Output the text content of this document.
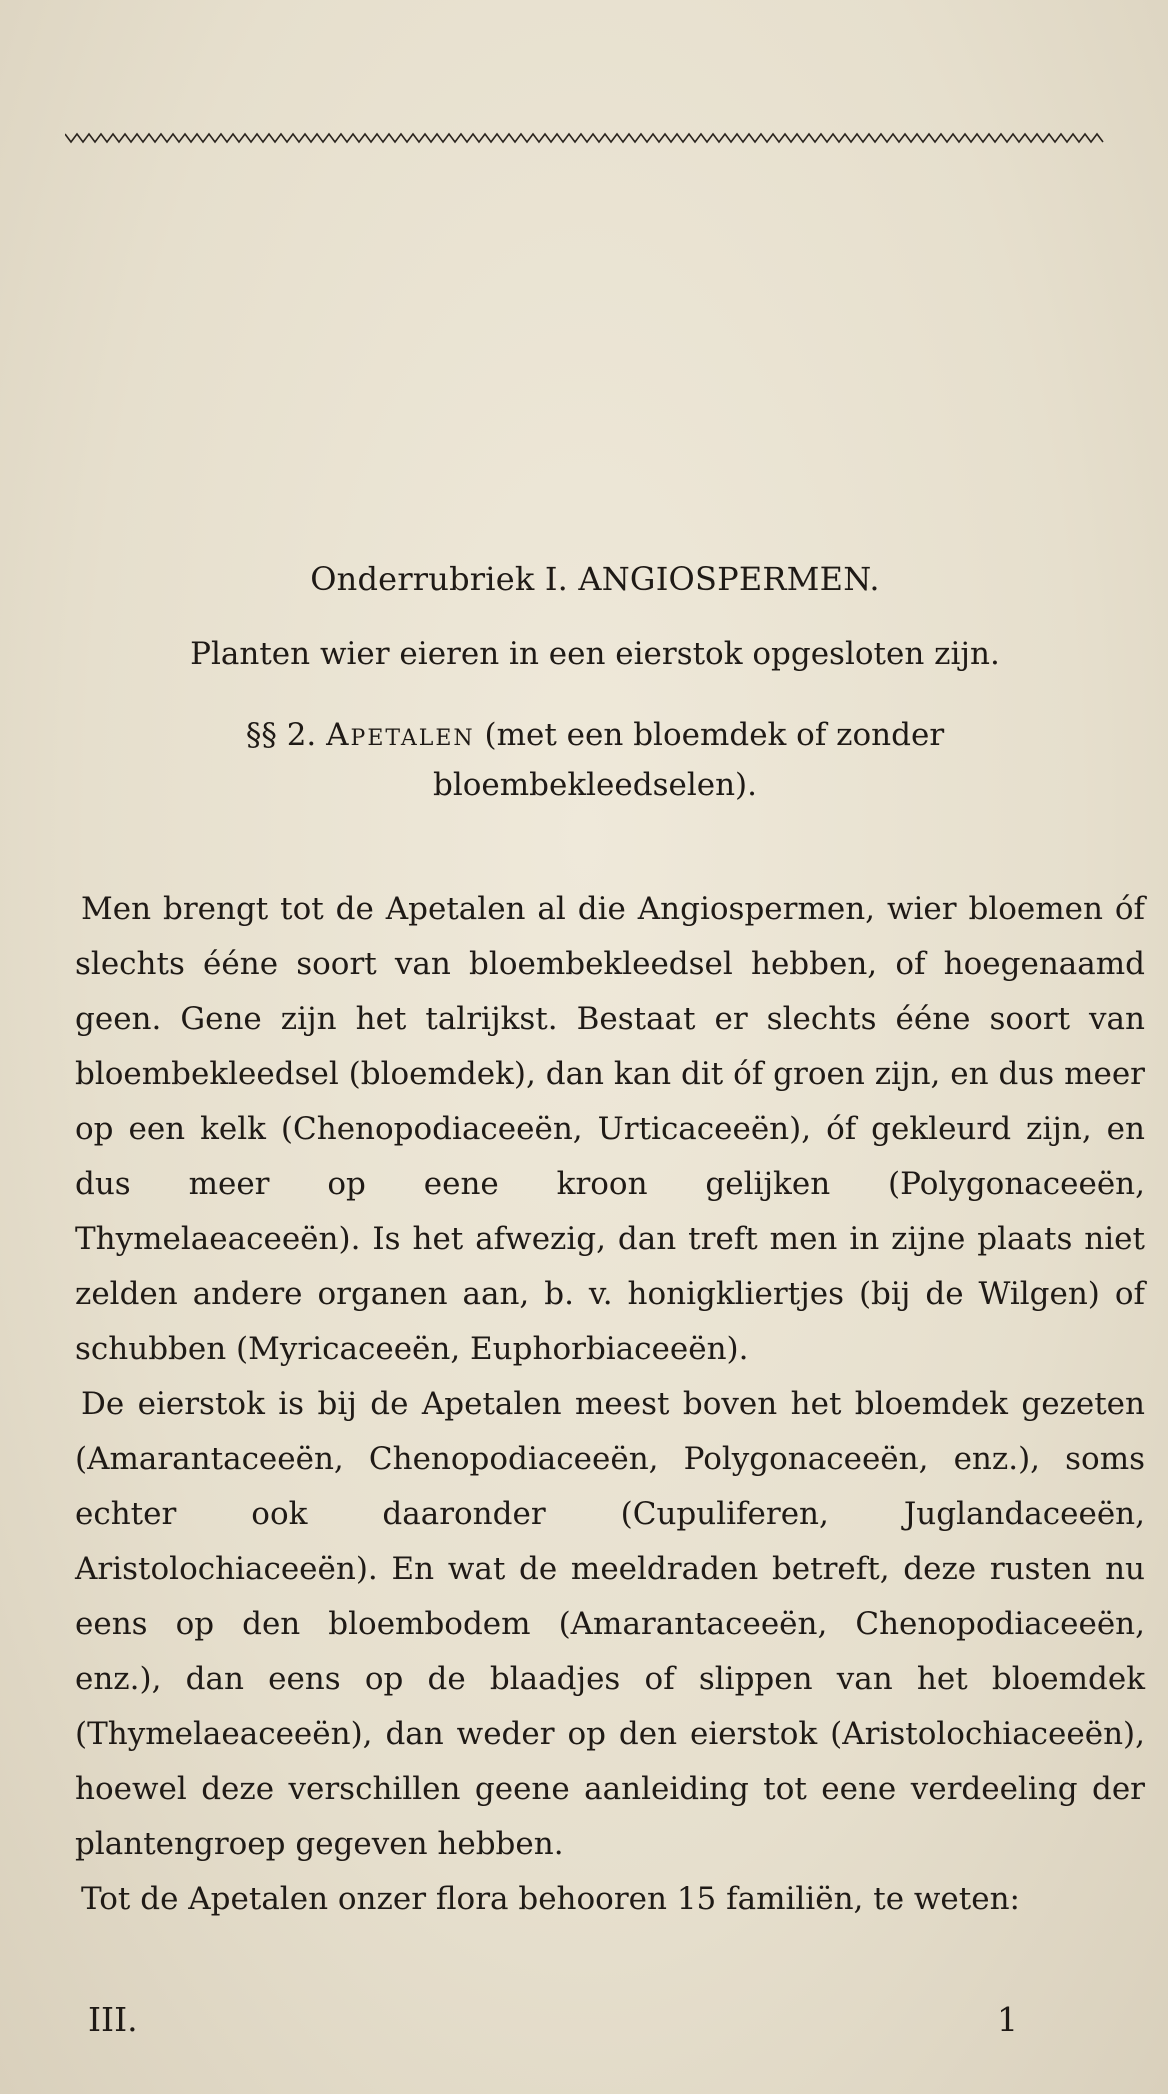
Onderrubriek I. ANGIOSPERMEN.
Planten wier eieren in een eierstok opgesloten zijn.
§§ 2. Apetalen (met een bloemdek of zonder
bloembekleedselen).

Men brengt tot de Apetalen al die Angiospermen, wier bloemen óf slechts ééne soort van bloembekleedsel hebben, of hoegenaamd geen. Gene zijn het talrijkst. Bestaat er slechts ééne soort van bloembekleedsel (bloemdek), dan kan dit óf groen zijn, en dus meer op een kelk (Chenopodiaceeën, Urticaceeën), óf gekleurd zijn, en dus meer op eene kroon gelijken (Polygonaceeën, Thymelaeaceeën). Is het afwezig, dan treft men in zijne plaats niet zelden andere organen aan, b. v. honigkliertjes (bij de Wilgen) of schubben (Myricaceeën, Euphorbiaceeën).

De eierstok is bij de Apetalen meest boven het bloemdek gezeten (Amarantaceeën, Chenopodiaceeën, Polygonaceeën, enz.), soms echter ook daaronder (Cupuliferen, Juglandaceeën, Aristolochiaceeën). En wat de meeldraden betreft, deze rusten nu eens op den bloembodem (Amarantaceeën, Chenopodiaceeën, enz.), dan eens op de blaadjes of slippen van het bloemdek (Thymelaeaceeën), dan weder op den eierstok (Aristolochiaceeën), hoewel deze verschillen geene aanleiding tot eene verdeeling der plantengroep gegeven hebben.

Tot de Apetalen onzer flora behooren 15 familiën, te weten:

III.	1
